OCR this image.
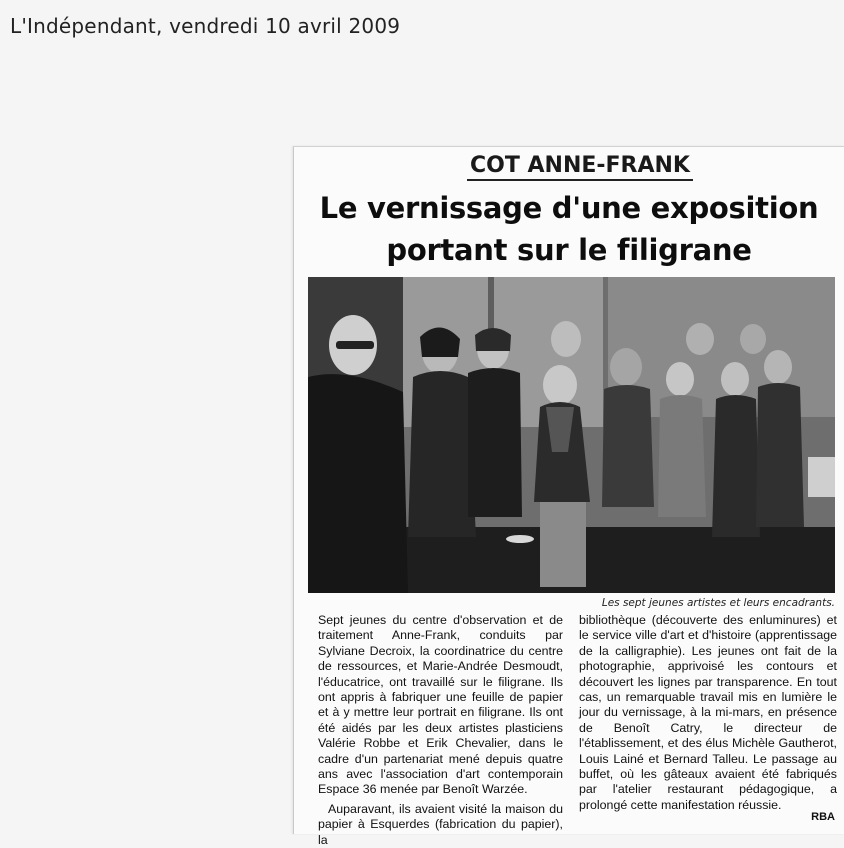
L'Indépendant, vendredi 10 avril 2009
COT ANNE-FRANK
Le vernissage d'une exposition
portant sur le filigrane
Les sept jeunes artistes et leurs encadrants.

Sept jeunes du centre d'observation et de traitement Anne-Frank, conduits par Sylviane Decroix, la coordinatrice du centre de ressources, et Marie-Andrée Desmoudt, l'éducatrice, ont travaillé sur le filigrane. Ils ont appris à fabriquer une feuille de papier et à y mettre leur portrait en filigrane. Ils ont été aidés par les deux artistes plasticiens Valérie Robbe et Erik Chevalier, dans le cadre d'un partenariat mené depuis quatre ans avec l'association d'art contemporain Espace 36 menée par Benoît Warzée.

Auparavant, ils avaient visité la maison du papier à Esquerdes (fabrication du papier), la

bibliothèque (découverte des enluminures) et le service ville d'art et d'histoire (apprentissage de la calligraphie). Les jeunes ont fait de la photographie, apprivoisé les contours et découvert les lignes par transparence. En tout cas, un remarquable travail mis en lumière le jour du vernissage, à la mi-mars, en présence de Benoît Catry, le directeur de l'établissement, et des élus Michèle Gautherot, Louis Lainé et Bernard Talleu. Le passage au buffet, où les gâteaux avaient été fabriqués par l'atelier restaurant pédagogique, a prolongé cette manifestation réussie.

RBA
